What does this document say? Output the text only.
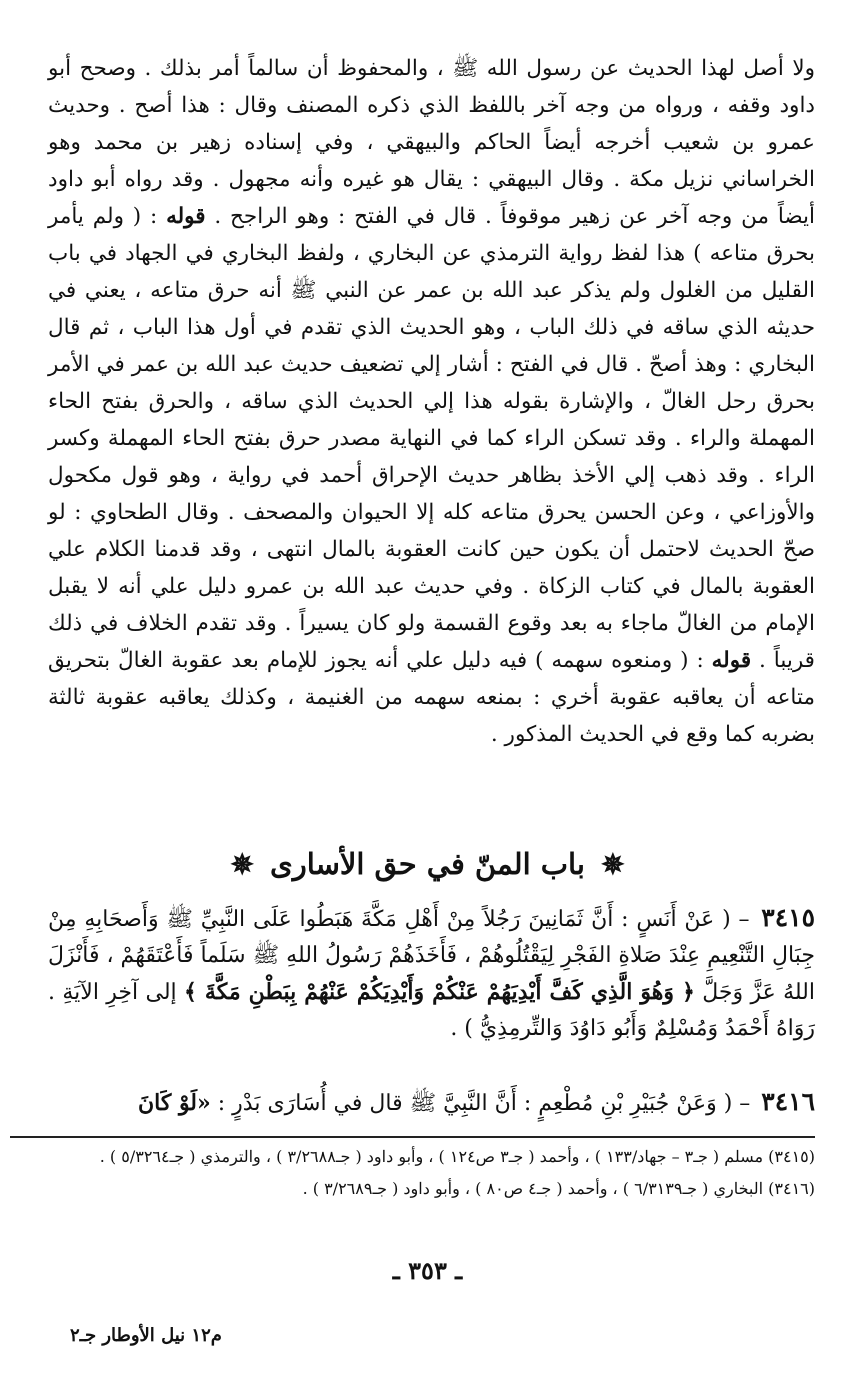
ولا أصل لهذا الحديث عن رسول الله ﷺ ، والمحفوظ أن سالماً أمر بذلك . وصحح أبو داود وقفه ، ورواه من وجه آخر باللفظ الذي ذكره المصنف وقال : هذا أصح . وحديث عمرو بن شعيب أخرجه أيضاً الحاكم والبيهقي ، وفي إسناده زهير بن محمد وهو الخراساني نزيل مكة . وقال البيهقي : يقال هو غيره وأنه مجهول . وقد رواه أبو داود أيضاً من وجه آخر عن زهير موقوفاً . قال في الفتح : وهو الراجح . قوله : ( ولم يأمر بحرق متاعه ) هذا لفظ رواية الترمذي عن البخاري ، ولفظ البخاري في الجهاد في باب القليل من الغلول ولم يذكر عبد الله بن عمر عن النبي ﷺ أنه حرق متاعه ، يعني في حديثه الذي ساقه في ذلك الباب ، وهو الحديث الذي تقدم في أول هذا الباب ، ثم قال البخاري : وهذ أصحّ . قال في الفتح : أشار إلي تضعيف حديث عبد الله بن عمر في الأمر بحرق رحل الغالّ ، والإشارة بقوله هذا إلي الحديث الذي ساقه ، والحرق بفتح الحاء المهملة والراء . وقد تسكن الراء كما في النهاية مصدر حرق بفتح الحاء المهملة وكسر الراء . وقد ذهب إلي الأخذ بظاهر حديث الإحراق أحمد في رواية ، وهو قول مكحول والأوزاعي ، وعن الحسن يحرق متاعه كله إلا الحيوان والمصحف . وقال الطحاوي : لو صحّ الحديث لاحتمل أن يكون حين كانت العقوبة بالمال انتهى ، وقد قدمنا الكلام علي العقوبة بالمال في كتاب الزكاة . وفي حديث عبد الله بن عمرو دليل علي أنه لا يقبل الإمام من الغالّ ماجاء به بعد وقوع القسمة ولو كان يسيراً . وقد تقدم الخلاف في ذلك قريباً . قوله : ( ومنعوه سهمه ) فيه دليل علي أنه يجوز للإمام بعد عقوبة الغالّ بتحريق متاعه أن يعاقبه عقوبة أخري : بمنعه سهمه من الغنيمة ، وكذلك يعاقبه عقوبة ثالثة بضربه كما وقع في الحديث المذكور .

✵ باب المنّ في حق الأسارى ✵

٣٤١٥ – ( عَنْ أَنَسٍ : أَنَّ ثَمَانِينَ رَجُلاً مِنْ أَهْلِ مَكَّةَ هَبَطُوا عَلَى النَّبِيِّ ﷺ وَأَصحَابِهِ مِنْ جِبَالِ التَّنْعِيمِ عِنْدَ صَلاةِ الفَجْرِ لِيَقْتُلُوهُمْ ، فَأَخَذَهُمْ رَسُولُ اللهِ ﷺ سَلَماً فَأَعْتَقَهُمْ ، فَأَنْزَلَ اللهُ عَزَّ وَجَلَّ ﴿ وَهُوَ الَّذِي كَفَّ أَيْدِيَهُمْ عَنْكُمْ وَأَيْدِيَكُمْ عَنْهُمْ بِبَطْنِ مَكَّةَ ﴾ إلى آخِرِ الآيَةِ . رَوَاهُ أَحْمَدُ وَمُسْلِمٌ وَأَبُو دَاوُدَ وَالتِّرمِذِيُّ ) .

٣٤١٦ – ( وَعَنْ جُبَيْرِ بْنِ مُطْعِمٍ : أَنَّ النَّبِيَّ ﷺ قال في أُسَارَى بَدْرٍ : «لَوْ كَانَ

(٣٤١٥) مسلم ( جـ٣ – جهاد/١٣٣ ) ، وأحمد ( جـ٣ ص١٢٤ ) ، وأبو داود ( جـ٣/٢٦٨٨ ) ، والترمذي ( جـ٥/٣٢٦٤ ) .

(٣٤١٦) البخاري ( جـ٦/٣١٣٩ ) ، وأحمد ( جـ٤ ص٨٠ ) ، وأبو داود ( جـ٣/٢٦٨٩ ) .

ـ ٣٥٣ ـ
م١٢ نيل الأوطار جـ٢
